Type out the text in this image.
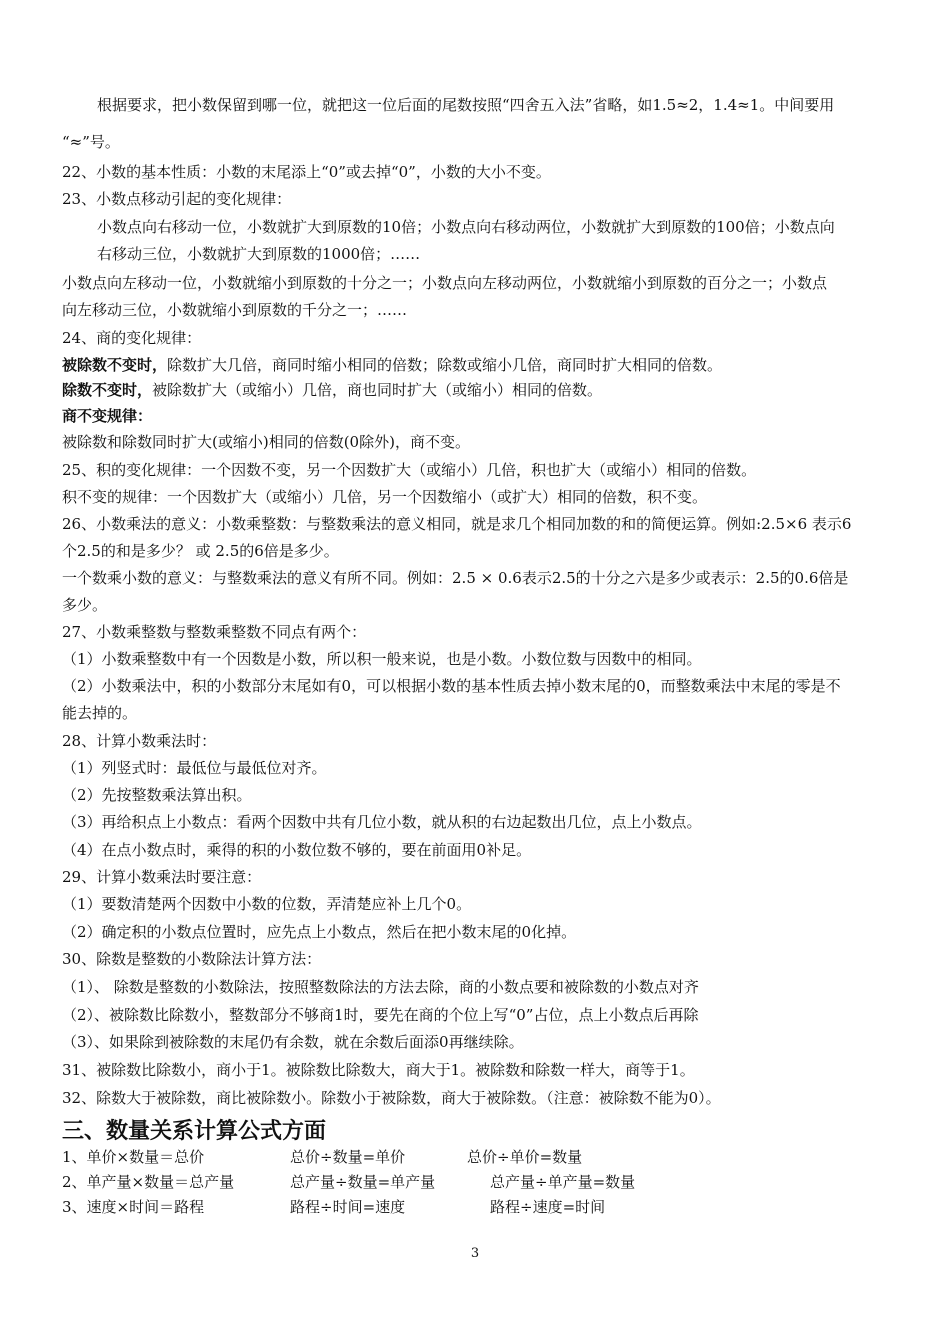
根据要求，把小数保留到哪一位，就把这一位后面的尾数按照“四舍五入法”省略，如1.5≈2，1.4≈1。中间要用
“≈”号。
22、小数的基本性质：小数的末尾添上“0”或去掉“0”，小数的大小不变。
23、小数点移动引起的变化规律：
小数点向右移动一位，小数就扩大到原数的10倍；小数点向右移动两位，小数就扩大到原数的100倍；小数点向
右移动三位，小数就扩大到原数的1000倍；……
小数点向左移动一位，小数就缩小到原数的十分之一；小数点向左移动两位，小数就缩小到原数的百分之一；小数点
向左移动三位，小数就缩小到原数的千分之一；……
24、商的变化规律：
被除数不变时，除数扩大几倍，商同时缩小相同的倍数；除数或缩小几倍，商同时扩大相同的倍数。
除数不变时，被除数扩大（或缩小）几倍，商也同时扩大（或缩小）相同的倍数。
商不变规律：
被除数和除数同时扩大(或缩小)相同的倍数(0除外)，商不变。
25、积的变化规律：一个因数不变，另一个因数扩大（或缩小）几倍，积也扩大（或缩小）相同的倍数。
积不变的规律：一个因数扩大（或缩小）几倍，另一个因数缩小（或扩大）相同的倍数，积不变。
26、小数乘法的意义：小数乘整数：与整数乘法的意义相同，就是求几个相同加数的和的简便运算。例如:2.5×6 表示6
个2.5的和是多少？ 或 2.5的6倍是多少。
一个数乘小数的意义：与整数乘法的意义有所不同。例如：2.5 × 0.6表示2.5的十分之六是多少或表示：2.5的0.6倍是
多少。
27、小数乘整数与整数乘整数不同点有两个：
（1）小数乘整数中有一个因数是小数，所以积一般来说，也是小数。小数位数与因数中的相同。
（2）小数乘法中，积的小数部分末尾如有0，可以根据小数的基本性质去掉小数末尾的0，而整数乘法中末尾的零是不
能去掉的。
28、计算小数乘法时：
（1）列竖式时：最低位与最低位对齐。
（2）先按整数乘法算出积。
（3）再给积点上小数点：看两个因数中共有几位小数，就从积的右边起数出几位，点上小数点。
（4）在点小数点时，乘得的积的小数位数不够的，要在前面用0补足。
29、计算小数乘法时要注意：
（1）要数清楚两个因数中小数的位数，弄清楚应补上几个0。
（2）确定积的小数点位置时，应先点上小数点，然后在把小数末尾的0化掉。
30、除数是整数的小数除法计算方法：
（1）、 除数是整数的小数除法，按照整数除法的方法去除，商的小数点要和被除数的小数点对齐
（2）、被除数比除数小，整数部分不够商1时，要先在商的个位上写“0”占位，点上小数点后再除
（3）、如果除到被除数的末尾仍有余数，就在余数后面添0再继续除。
31、被除数比除数小，商小于1。被除数比除数大，商大于1。被除数和除数一样大，商等于1。
32、除数大于被除数，商比被除数小。除数小于被除数，商大于被除数。（注意：被除数不能为0）。
三、数量关系计算公式方面
1、单价×数量＝总价	总价÷数量=单价	总价÷单价=数量
2、单产量×数量＝总产量	总产量÷数量=单产量	总产量÷单产量=数量
3、速度×时间＝路程	路程÷时间=速度	路程÷速度=时间
3
